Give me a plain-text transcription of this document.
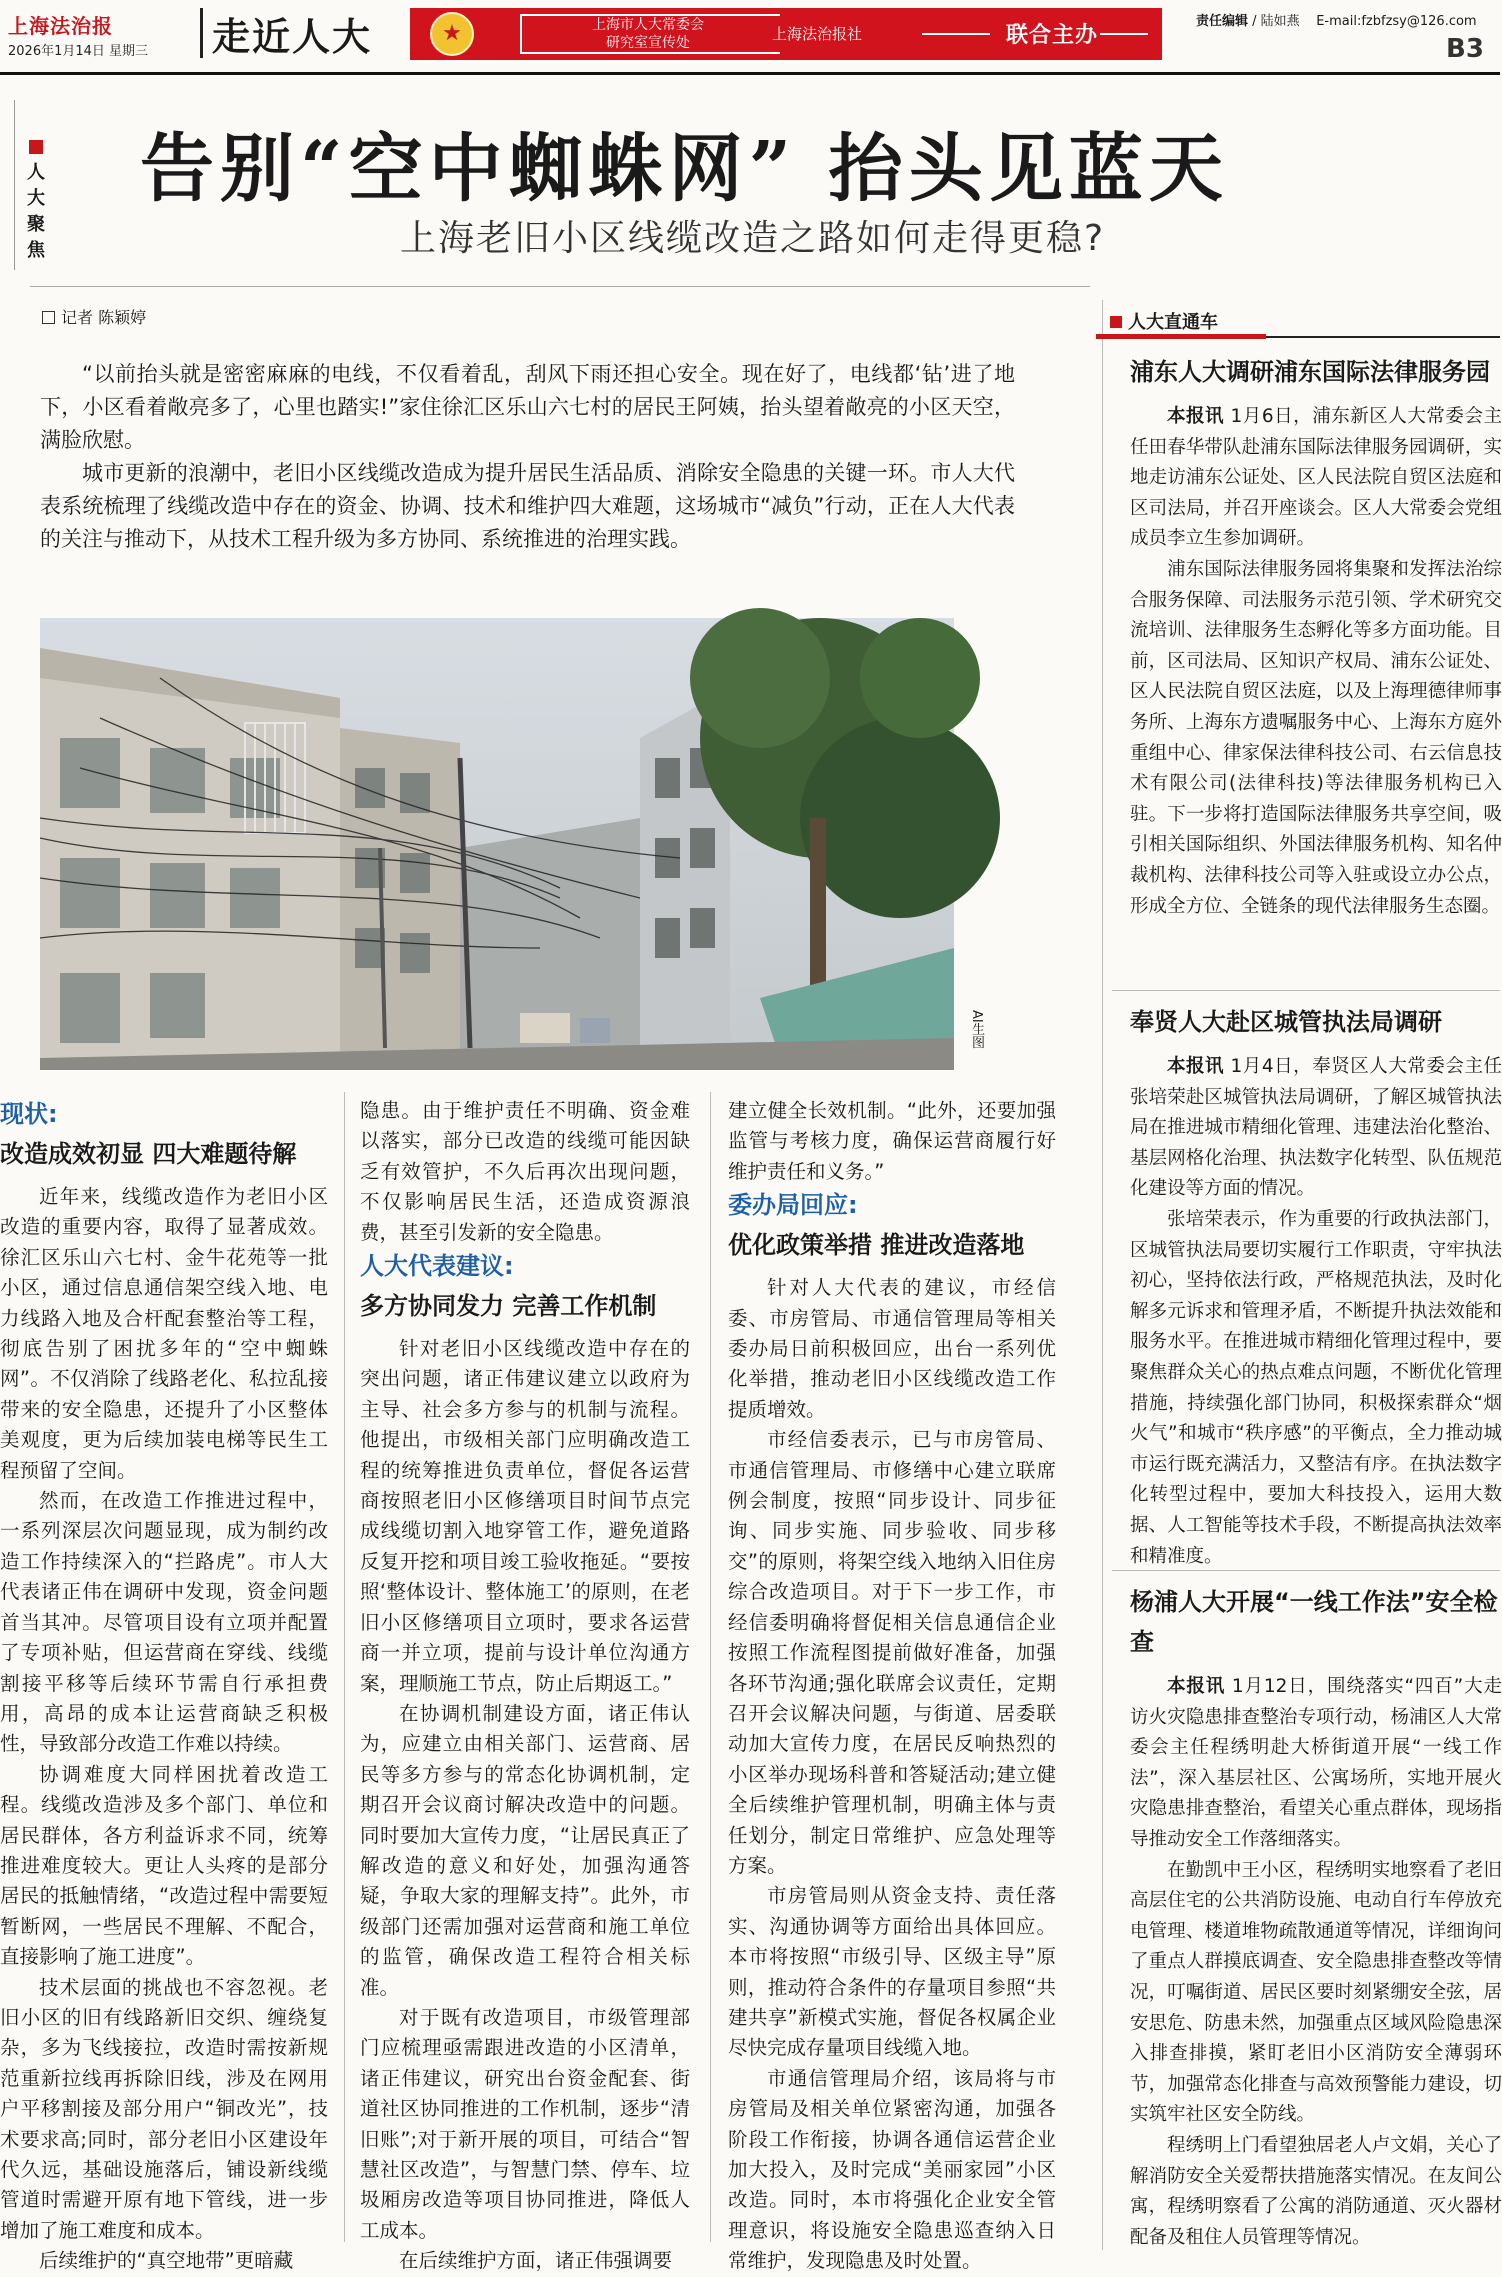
上海法治报
2026年1月14日 星期三 走近人大
★	上海市人大常委会
研究室宣传处	上海法治报社	联合主办
责任编辑 / 陆如燕 E-mail:fzbfzsy@126.com
B3
人
大
聚
焦
告别“空中蜘蛛网” 抬头见蓝天
上海老旧小区线缆改造之路如何走得更稳?
记者 陈颖婷

“以前抬头就是密密麻麻的电线，不仅看着乱，刮风下雨还担心安全。现在好了，电线都‘钻’进了地下，小区看着敞亮多了，心里也踏实!”家住徐汇区乐山六七村的居民王阿姨，抬头望着敞亮的小区天空，满脸欣慰。

城市更新的浪潮中，老旧小区线缆改造成为提升居民生活品质、消除安全隐患的关键一环。市人大代表系统梳理了线缆改造中存在的资金、协调、技术和维护四大难题，这场城市“减负”行动，正在人大代表的关注与推动下，从技术工程升级为多方协同、系统推进的治理实践。

AI生图
现状:
改造成效初显 四大难题待解

近年来，线缆改造作为老旧小区改造的重要内容，取得了显著成效。徐汇区乐山六七村、金牛花苑等一批小区，通过信息通信架空线入地、电力线路入地及合杆配套整治等工程，彻底告别了困扰多年的“空中蜘蛛网”。不仅消除了线路老化、私拉乱接带来的安全隐患，还提升了小区整体美观度，更为后续加装电梯等民生工程预留了空间。

然而，在改造工作推进过程中，一系列深层次问题显现，成为制约改造工作持续深入的“拦路虎”。市人大代表诸正伟在调研中发现，资金问题首当其冲。尽管项目设有立项并配置了专项补贴，但运营商在穿线、线缆割接平移等后续环节需自行承担费用，高昂的成本让运营商缺乏积极性，导致部分改造工作难以持续。

协调难度大同样困扰着改造工程。线缆改造涉及多个部门、单位和居民群体，各方利益诉求不同，统筹推进难度较大。更让人头疼的是部分居民的抵触情绪，“改造过程中需要短暂断网，一些居民不理解、不配合，直接影响了施工进度”。

技术层面的挑战也不容忽视。老旧小区的旧有线路新旧交织、缠绕复杂，多为飞线接拉，改造时需按新规范重新拉线再拆除旧线，涉及在网用户平移割接及部分用户“铜改光”，技术要求高;同时，部分老旧小区建设年代久远，基础设施落后，铺设新线缆管道时需避开原有地下管线，进一步增加了施工难度和成本。

后续维护的“真空地带”更暗藏

隐患。由于维护责任不明确、资金难以落实，部分已改造的线缆可能因缺乏有效管护，不久后再次出现问题，不仅影响居民生活，还造成资源浪费，甚至引发新的安全隐患。

人大代表建议:
多方协同发力 完善工作机制

针对老旧小区线缆改造中存在的突出问题，诸正伟建议建立以政府为主导、社会多方参与的机制与流程。他提出，市级相关部门应明确改造工程的统筹推进负责单位，督促各运营商按照老旧小区修缮项目时间节点完成线缆切割入地穿管工作，避免道路反复开挖和项目竣工验收拖延。“要按照‘整体设计、整体施工’的原则，在老旧小区修缮项目立项时，要求各运营商一并立项，提前与设计单位沟通方案，理顺施工节点，防止后期返工。”

在协调机制建设方面，诸正伟认为，应建立由相关部门、运营商、居民等多方参与的常态化协调机制，定期召开会议商讨解决改造中的问题。同时要加大宣传力度，“让居民真正了解改造的意义和好处，加强沟通答疑，争取大家的理解支持”。此外，市级部门还需加强对运营商和施工单位的监管，确保改造工程符合相关标准。

对于既有改造项目，市级管理部门应梳理亟需跟进改造的小区清单，诸正伟建议，研究出台资金配套、街道社区协同推进的工作机制，逐步“清旧账”;对于新开展的项目，可结合“智慧社区改造”，与智慧门禁、停车、垃圾厢房改造等项目协同推进，降低人工成本。

在后续维护方面，诸正伟强调要

建立健全长效机制。“此外，还要加强监管与考核力度，确保运营商履行好维护责任和义务。”

委办局回应:
优化政策举措 推进改造落地

针对人大代表的建议，市经信委、市房管局、市通信管理局等相关委办局日前积极回应，出台一系列优化举措，推动老旧小区线缆改造工作提质增效。

市经信委表示，已与市房管局、市通信管理局、市修缮中心建立联席例会制度，按照“同步设计、同步征询、同步实施、同步验收、同步移交”的原则，将架空线入地纳入旧住房综合改造项目。对于下一步工作，市经信委明确将督促相关信息通信企业按照工作流程图提前做好准备，加强各环节沟通;强化联席会议责任，定期召开会议解决问题，与街道、居委联动加大宣传力度，在居民反响热烈的小区举办现场科普和答疑活动;建立健全后续维护管理机制，明确主体与责任划分，制定日常维护、应急处理等方案。

市房管局则从资金支持、责任落实、沟通协调等方面给出具体回应。本市将按照“市级引导、区级主导”原则，推动符合条件的存量项目参照“共建共享”新模式实施，督促各权属企业尽快完成存量项目线缆入地。

市通信管理局介绍，该局将与市房管局及相关单位紧密沟通，加强各阶段工作衔接，协调各通信运营企业加大投入，及时完成“美丽家园”小区改造。同时，本市将强化企业安全管理意识，将设施安全隐患巡查纳入日常维护，发现隐患及时处置。

人大直通车
浦东人大调研浦东国际法律服务园

本报讯 1月6日，浦东新区人大常委会主任田春华带队赴浦东国际法律服务园调研，实地走访浦东公证处、区人民法院自贸区法庭和区司法局，并召开座谈会。区人大常委会党组成员李立生参加调研。

浦东国际法律服务园将集聚和发挥法治综合服务保障、司法服务示范引领、学术研究交流培训、法律服务生态孵化等多方面功能。目前，区司法局、区知识产权局、浦东公证处、区人民法院自贸区法庭，以及上海理德律师事务所、上海东方遗嘱服务中心、上海东方庭外重组中心、律家保法律科技公司、右云信息技术有限公司(法律科技)等法律服务机构已入驻。下一步将打造国际法律服务共享空间，吸引相关国际组织、外国法律服务机构、知名仲裁机构、法律科技公司等入驻或设立办公点，形成全方位、全链条的现代法律服务生态圈。

奉贤人大赴区城管执法局调研

本报讯 1月4日，奉贤区人大常委会主任张培荣赴区城管执法局调研，了解区城管执法局在推进城市精细化管理、违建法治化整治、基层网格化治理、执法数字化转型、队伍规范化建设等方面的情况。

张培荣表示，作为重要的行政执法部门，区城管执法局要切实履行工作职责，守牢执法初心，坚持依法行政，严格规范执法，及时化解多元诉求和管理矛盾，不断提升执法效能和服务水平。在推进城市精细化管理过程中，要聚焦群众关心的热点难点问题，不断优化管理措施，持续强化部门协同，积极探索群众“烟火气”和城市“秩序感”的平衡点，全力推动城市运行既充满活力，又整洁有序。在执法数字化转型过程中，要加大科技投入，运用大数据、人工智能等技术手段，不断提高执法效率和精准度。

杨浦人大开展“一线工作法”安全检查

本报讯 1月12日，围绕落实“四百”大走访火灾隐患排查整治专项行动，杨浦区人大常委会主任程绣明赴大桥街道开展“一线工作法”，深入基层社区、公寓场所，实地开展火灾隐患排查整治，看望关心重点群体，现场指导推动安全工作落细落实。

在勤凯中王小区，程绣明实地察看了老旧高层住宅的公共消防设施、电动自行车停放充电管理、楼道堆物疏散通道等情况，详细询问了重点人群摸底调查、安全隐患排查整改等情况，叮嘱街道、居民区要时刻紧绷安全弦，居安思危、防患未然，加强重点区域风险隐患深入排查排摸，紧盯老旧小区消防安全薄弱环节，加强常态化排查与高效预警能力建设，切实筑牢社区安全防线。

程绣明上门看望独居老人卢文娟，关心了解消防安全关爱帮扶措施落实情况。在友间公寓，程绣明察看了公寓的消防通道、灭火器材配备及租住人员管理等情况。
